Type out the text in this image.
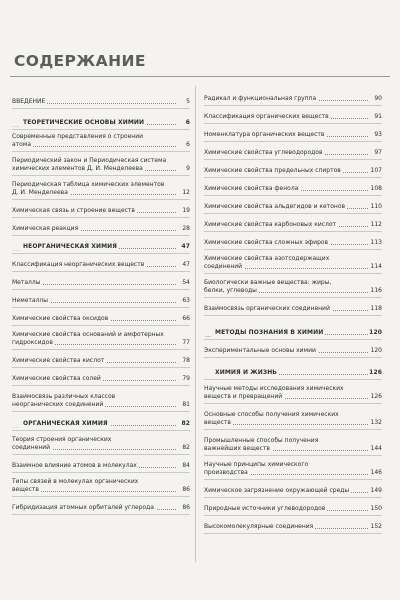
СОДЕРЖАНИЕ
ВВЕДЕНИЕ	5
ТЕОРЕТИЧЕСКИЕ ОСНОВЫ ХИМИИ	6
Современные представления о строении
атома	6
Периодический закон и Периодическая система
химических элементов Д. И. Менделеева	9
Периодическая таблица химических элементов
Д. И. Менделеева	12
Химическая связь и строение веществ	19
Химическая реакция	28
НЕОРГАНИЧЕСКАЯ ХИМИЯ	47
Классификация неорганических веществ	47
Металлы	54
Неметаллы	63
Химические свойства оксидов	66
Химические свойства оснований и амфотерных
гидроксидов	77
Химические свойства кислот	78
Химические свойства солей	79
Взаимосвязь различных классов
неорганических соединений	81
ОРГАНИЧЕСКАЯ ХИМИЯ	82
Теория строения органических
соединений	82
Взаимное влияние атомов в молекулах	84
Типы связей в молекулах органических
веществ	86
Гибридизация атомных орбиталей углерода	86
Радикал и функциональная группа	90
Классификация органических веществ	91
Номенклатура органических веществ	93
Химические свойства углеводородов	97
Химические свойства предельных спиртов	107
Химические свойства фенола	108
Химические свойства альдегидов и кетонов	110
Химические свойства карбоновых кислот	112
Химические свойства сложных эфиров	113
Химические свойства азотсодержащих
соединений	114
Биологически важные вещества: жиры,
белки, углеводы	116
Взаимосвязь органических соединений	118
МЕТОДЫ ПОЗНАНИЯ В ХИМИИ	120
Экспериментальные основы химии	120
ХИМИЯ И ЖИЗНЬ	126
Научные методы исследования химических
веществ и превращений	126
Основные способы получения химических
веществ	132
Промышленные способы получения
важнейших веществ	144
Научные принципы химического
производства	146
Химическое загрязнение окружающей среды	149
Природные источники углеводородов	150
Высокомолекулярные соединения	152
